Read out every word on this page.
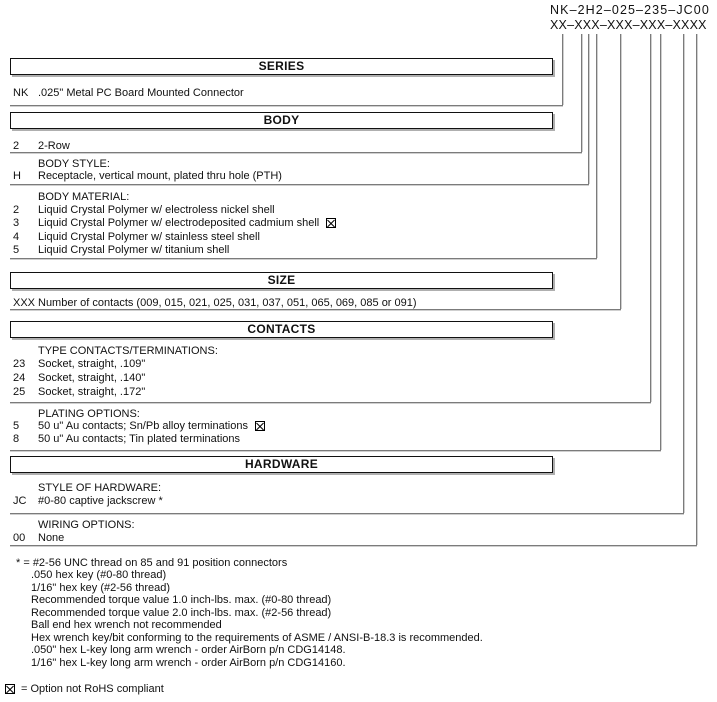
NK–2H2–025–235–JC00
XX–XXX–XXX–XXX–XXXX
SERIES
NK .025" Metal PC Board Mounted Connector
BODY
2 2-Row
BODY STYLE:
H Receptacle, vertical mount, plated thru hole (PTH)
BODY MATERIAL:
2 Liquid Crystal Polymer w/ electroless nickel shell
3 Liquid Crystal Polymer w/ electrodeposited cadmium shell
4 Liquid Crystal Polymer w/ stainless steel shell
5 Liquid Crystal Polymer w/ titanium shell
SIZE
XXX Number of contacts (009, 015, 021, 025, 031, 037, 051, 065, 069, 085 or 091)
CONTACTS
TYPE CONTACTS/TERMINATIONS:
23 Socket, straight, .109"
24 Socket, straight, .140"
25 Socket, straight, .172"
PLATING OPTIONS:
5 50 u" Au contacts; Sn/Pb alloy terminations
8 50 u" Au contacts; Tin plated terminations
HARDWARE
STYLE OF HARDWARE:
JC #0-80 captive jackscrew *
WIRING OPTIONS:
00 None
* = #2-56 UNC thread on 85 and 91 position connectors
.050 hex key (#0-80 thread)
1/16" hex key (#2-56 thread)
Recommended torque value 1.0 inch-lbs. max. (#0-80 thread)
Recommended torque value 2.0 inch-lbs. max. (#2-56 thread)
Ball end hex wrench not recommended
Hex wrench key/bit conforming to the requirements of ASME / ANSI-B-18.3 is recommended.
.050" hex L-key long arm wrench - order AirBorn p/n CDG14148.
1/16" hex L-key long arm wrench - order AirBorn p/n CDG14160.
= Option not RoHS compliant
